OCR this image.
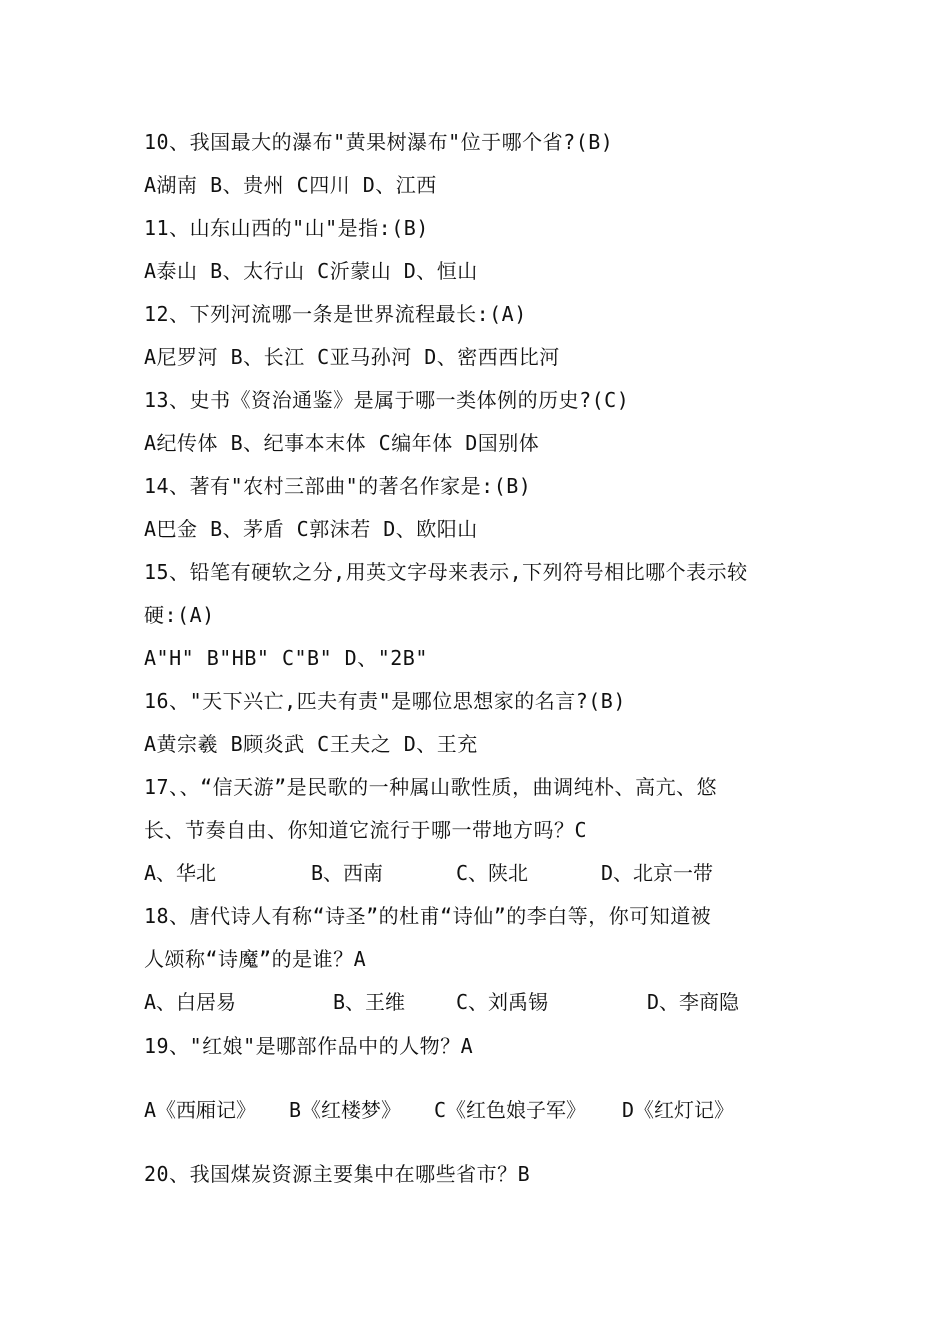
10、我国最大的瀑布"黄果树瀑布"位于哪个省?(B)
A湖南 B、贵州 C四川 D、江西
11、山东山西的"山"是指:(B)
A泰山 B、太行山 C沂蒙山 D、恒山
12、下列河流哪一条是世界流程最长:(A)
A尼罗河 B、长江 C亚马孙河 D、密西西比河
13、史书《资治通鉴》是属于哪一类体例的历史?(C)
A纪传体 B、纪事本末体 C编年体 D国别体
14、著有"农村三部曲"的著名作家是:(B)
A巴金 B、茅盾 C郭沫若 D、欧阳山
15、铅笔有硬软之分,用英文字母来表示,下列符号相比哪个表示较
硬:(A)
A"H" B"HB" C"B" D、"2B"
16、"天下兴亡,匹夫有责"是哪位思想家的名言?(B)
A黄宗羲 B顾炎武 C王夫之 D、王充
17、、“信天游”是民歌的一种属山歌性质，曲调纯朴、高亢、悠
长、节奏自由、你知道它流行于哪一带地方吗？C

A、华北

	B、西南

	C、陕北

	D、北京一带

18、唐代诗人有称“诗圣”的杜甫“诗仙”的李白等，你可知道被
人颂称“诗魔”的是谁？A

A、白居易

	B、王维

	C、刘禹锡

	D、李商隐

19、"红娘"是哪部作品中的人物？A

A《西厢记》

B《红楼梦》

C《红色娘子军》

D《红灯记》

20、我国煤炭资源主要集中在哪些省市？B
